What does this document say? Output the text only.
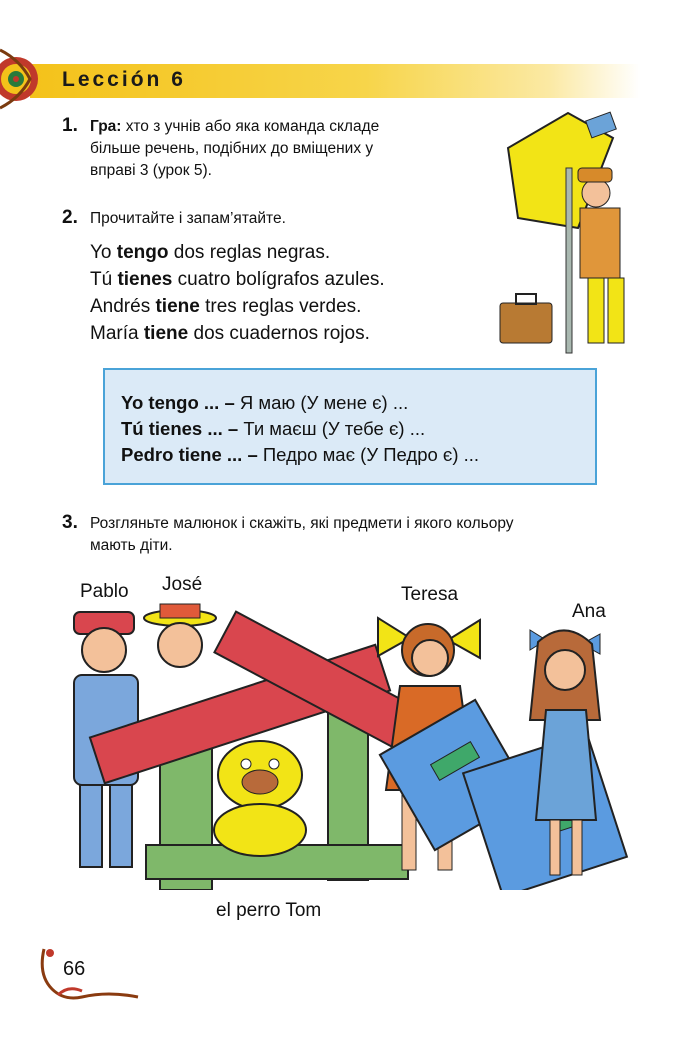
Lección 6
1. Гра: хто з учнів або яка команда складе
більше речень, подібних до вміщених у
вправі 3 (урок 5).
2. Прочитайте і запам’ятайте.
Yo tengo dos reglas negras.
Tú tienes cuatro bolígrafos azules.
Andrés tiene tres reglas verdes.
María tiene dos cuadernos rojos.
Yo tengo ... – Я маю (У мене є) ...
Tú tienes ... – Ти маєш (У тебе є) ...
Pedro tiene ... – Педро має (У Педро є) ...
3. Розгляньте малюнок і скажіть, які предмети і якого кольору
мають діти.
Pablo José	Teresa
Ana
el perro Tom
66
